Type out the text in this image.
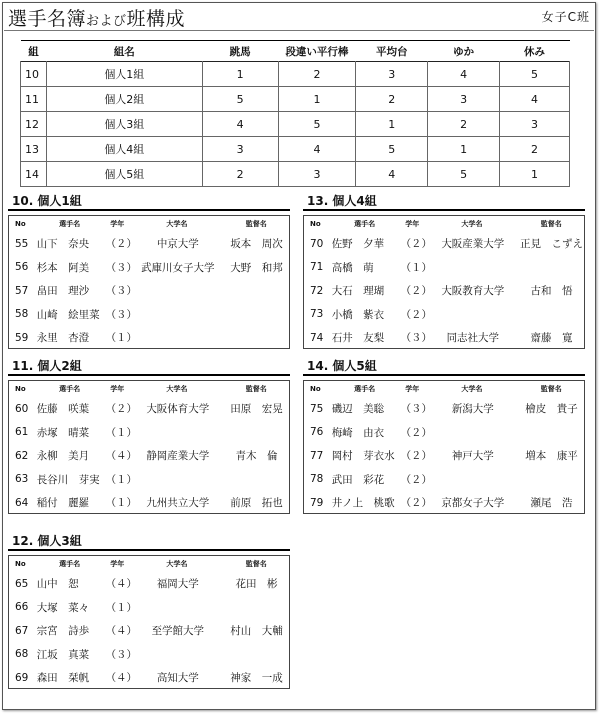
選手名簿および班構成	女子C班
組	組名	跳馬	段違い平行棒	平均台	ゆか	休み
10	個人1組	1	2	3	4	5
11	個人2組	5	1	2	3	4
12	個人3組	4	5	1	2	3
13	個人4組	3	4	5	1	2
14	個人5組	2	3	4	5	1
10. 個人1組
No	選手名	学年	大学名	監督名
55 山下　奈央	（２）	中京大学	坂本　周次
56 杉本　阿美	（３） 武庫川女子大学	大野　和邦
57 畠田　理沙	（３）
58 山崎　絵里菜 （３）
59 永里　杏澄	（１）
13. 個人4組
No	選手名	学年	大学名	監督名
70 佐野　夕華	（２） 大阪産業大学	正見　こずえ
71 高橋　萌	（１）
72 大石　理瑚	（２） 大阪教育大学	古和　悟
73 小橋　紫衣	（２）
74 石井　友梨	（３）	同志社大学	齋藤　寛
11. 個人2組
No	選手名	学年	大学名	監督名
60 佐藤　咲葉	（２） 大阪体育大学	田原　宏晃
61 赤塚　晴菜	（１）
62 永柳　美月	（４） 静岡産業大学	青木　倫
63 長谷川　芽実 （１）
64 稲付　麗羅	（１） 九州共立大学	前原　拓也
14. 個人5組
No	選手名	学年	大学名	監督名
75 磯辺　美聡	（３）	新潟大学	檜皮　貴子
76 梅崎　由衣	（２）
77 岡村　芽衣水 （２）	神戸大学	増本　康平
78 武田　彩花	（２）
79 井ノ上　桃歌 （２） 京都女子大学	瀬尾　浩
12. 個人3組
No	選手名	学年	大学名	監督名
65 山中　恕	（４）	福岡大学	花田　彬
66 大塚　菜々	（１）
67 宗宮　詩歩	（４）	至学館大学	村山　大輔
68 江坂　真菜	（３）
69 森田　栞帆	（４）	高知大学	神家　一成
